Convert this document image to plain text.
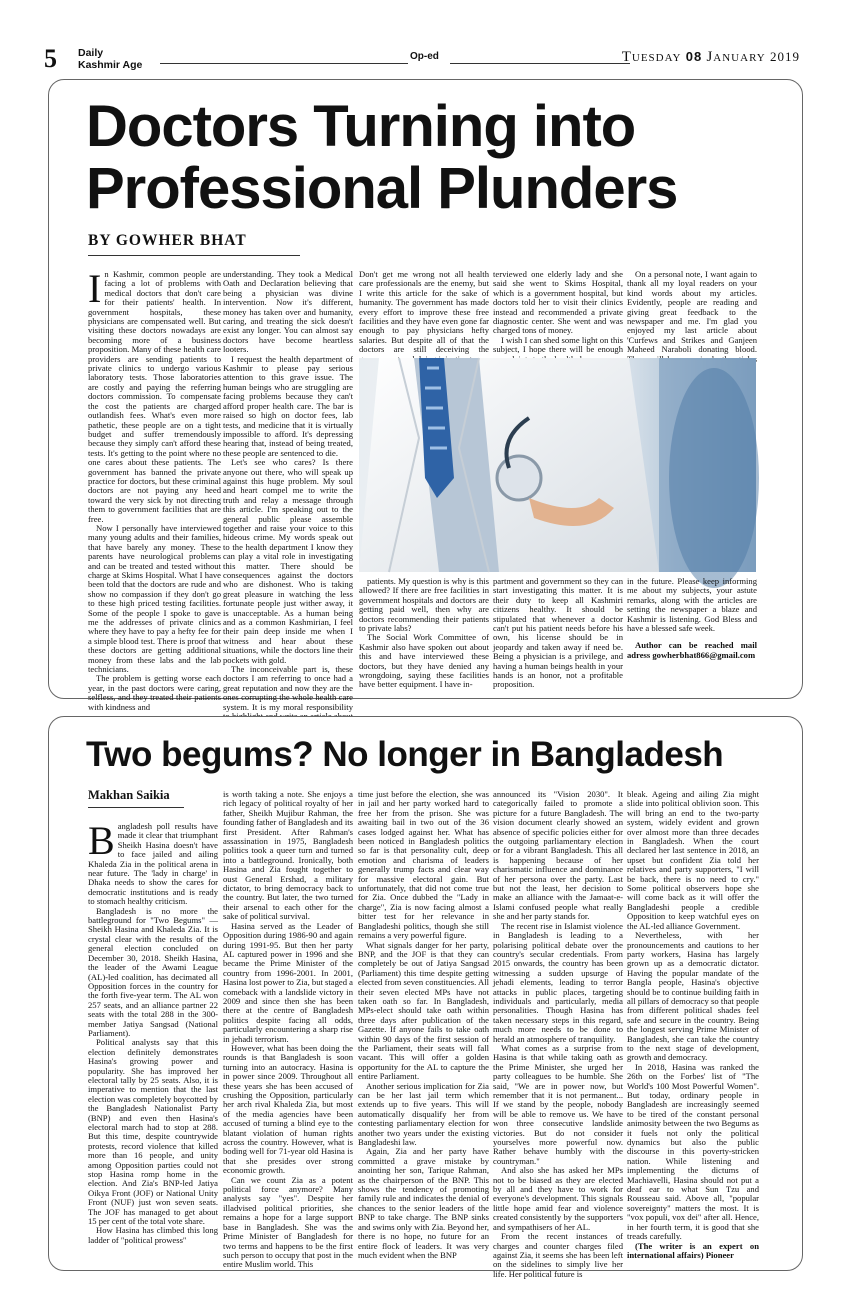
5 Daily
Kashmir Age
Op-ed	Tuesday 08 January 2019
Doctors Turning into Professional Plunders
BY GOWHER BHAT

In Kashmir, common people are facing a lot of problems with medical doctors that don't care for their patients' health. In government hospitals, these physicians are compensated well. But visiting these doctors nowadays are becoming more of a business proposition. Many of these health care providers are sending patients to private clinics to undergo various laboratory tests. Those laboratories are costly and paying the referring doctors commission. To compensate the cost the patients are charged outlandish fees. What's even more pathetic, these people are on a tight budget and suffer tremendously because they simply can't afford these tests. It's getting to the point where no one cares about these patients. The government has banned the private practice for doctors, but these criminal doctors are not paying any heed toward the very sick by not directing them to government facilities that are free.

Now I personally have interviewed many young adults and their families, that have barely any money. These parents have neurological problems and can be treated and tested without charge at Skims Hospital. What I have been told that the doctors are rude and show no compassion if they don't go to these high priced testing facilities. Some of the people I spoke to gave me the addresses of private clinics where they have to pay a hefty fee for a simple blood test. There is proof that these doctors are getting additional money from these labs and the lab technicians.

The problem is getting worse each year, in the past doctors were caring, selfless, and they treated their patients with kindness and

understanding. They took a Medical Oath and Declaration believing that being a physician was divine intervention. Now it's different, money has taken over and humanity, caring, and treating the sick doesn't exist any longer. You can almost say doctors have become heartless looters.

I request the health department of Kashmir to please pay serious attention to this grave issue. The human beings who are struggling are facing problems because they can't afford proper health care. The bar is raised so high on doctor fees, lab tests, and medicine that it is virtually impossible to afford. It's depressing hearing that, instead of being treated, these people are sentenced to die.

Let's see who cares? Is there anyone out there, who will speak up against this huge problem. My soul and heart compel me to write the truth and relay a message through this article. I'm speaking out to the general public please assemble together and raise your voice to this hideous crime. My words speak out to the health department I know they can play a vital role in investigating this matter. There should be consequences against the doctors who are dishonest. Who is taking great pleasure in watching the less fortunate people just wither away, it is unacceptable. As a human being and as a common Kashmirian, I feel their pain deep inside me when I witness and hear about these situations, while the doctors line their pockets with gold.

The inconceivable part is, these doctors I am referring to once had a great reputation and now they are the ones corrupting the whole health care system. It is my moral responsibility

Don't get me wrong not all health care professionals are the enemy, but I write this article for the sake of humanity. The government has made every effort to improve these free facilities and they have even gone far enough to pay physicians hefty salaries. But despite all of that the doctors are still deceiving the

terviewed one elderly lady and she said she went to Skims Hospital, which is a government hospital, but doctors told her to visit their clinics instead and recommended a private diagnostic center. She went and was charged tons of money.

I wish I can shed some light on this subject, I hope there will be enough

On a personal note, I want again to thank all my loyal readers on your kind words about my articles. Evidently, people are reading and giving great feedback to the newspaper and me. I'm glad you enjoyed my last article about 'Curfews and Strikes and Ganjeen Maheed Naraboli donating blood.

patients. My question is why is this allowed? If there are free facilities in government hospitals and doctors are getting paid well, then why are doctors recommending their patients to private labs?

The Social Work Committee of Kashmir also have spoken out about this and have interviewed these doctors, but they have denied any wrongdoing, saying these facilities have better equipment. I have in-

partment and government so they can start investigating this matter. It is their duty to keep all Kashmiri citizens healthy. It should be stipulated that whenever a doctor can't put his patient needs before his own, his license should be in jeopardy and taken away if need be. Being a physician is a privilege, and having a human beings health in your hands is an honor, not a profitable proposition.

in the future. Please keep informing me about my subjects, your astute remarks, along with the articles are setting the newspaper a blaze and Kashmir is listening. God Bless and have a blessed safe week.

Author can be reached mail adress gowherbhat866@gmail.com

Two begums? No longer in Bangladesh
Makhan Saikia

Bangladesh poll results have made it clear that triumphant Sheikh Hasina doesn't have to face jailed and ailing Khaleda Zia in the political arena in near future. The 'lady in charge' in Dhaka needs to show the cares for democratic institutions and is ready to stomach healthy criticism.

Bangladesh is no more the battleground for "Two Begums" — Sheikh Hasina and Khaleda Zia. It is crystal clear with the results of the general election concluded on December 30, 2018. Sheikh Hasina, the leader of the Awami League (AL)-led coalition, has decimated all Opposition forces in the country for the forth five-year term. The AL won 257 seats, and an alliance partner 22 seats with the total 288 in the 300-member Jatiya Sangsad (National Parliament).

Political analysts say that this election definitely demonstrates Hasina's growing power and popularity. She has improved her electoral tally by 25 seats. Also, it is imperative to mention that the last election was completely boycotted by the Bangladesh Nationalist Party (BNP) and even then Hasina's electoral march had to stop at 288. But this time, despite countrywide protests, record violence that killed more than 16 people, and unity among Opposition parties could not stop Hasina romp home in the election. And Zia's BNP-led Jatiya Oikya Front (JOF) or National Unity Front (NUF) just won seven seats. The JOF has managed to get about 15 per cent of the total vote share.

How Hasina has climbed this long ladder of "political prowess"

is worth taking a note. She enjoys a rich legacy of political royalty of her father, Sheikh Mujibur Rahman, the founding father of Bangladesh and its first President. After Rahman's assassination in 1975, Bangladesh politics took a queer turn and turned into a battleground. Ironically, both Hasina and Zia fought together to oust General Ershad, a military dictator, to bring democracy back to the country. But later, the two turned their arsenal to each other for the sake of political survival.

Hasina served as the Leader of Opposition during 1986-90 and again during 1991-95. But then her party AL captured power in 1996 and she became the Prime Minister of the country from 1996-2001. In 2001, Hasina lost power to Zia, but staged a comeback with a landslide victory in 2009 and since then she has been there at the centre of Bangladesh politics despite facing all odds, particularly encountering a sharp rise in jehadi terrorism.

However, what has been doing the rounds is that Bangladesh is soon turning into an autocracy. Hasina is in power since 2009. Throughout all these years she has been accused of crushing the Opposition, particularly her arch rival Khaleda Zia, but most of the media agencies have been accused of turning a blind eye to the blatant violation of human rights across the country. However, what is boding well for 71-year old Hasina is that she presides over strong economic growth.

Can we count Zia as a potent political force anymore? Many analysts say "yes". Despite her illadvised political priorities, she remains a hope for a large support base in Bangladesh. She was the Prime Minister of Bangladesh for two terms and happens to be the first such person to occupy that post in the entire Muslim world. This

time just before the election, she was in jail and her party worked hard to free her from the prison. She was awaiting bail in two out of the 36 cases lodged against her. What has been noticed in Bangladesh politics so far is that personality cult, deep emotion and charisma of leaders generally trump facts and clear way for massive electoral gain. But unfortunately, that did not come true for Zia. Once dubbed the "Lady in charge", Zia is now facing almost a bitter test for her relevance in Bangladeshi politics, though she still remains a very powerful figure.

What signals danger for her party, BNP, and the JOF is that they can completely be out of Jatiya Sangsad (Parliament) this time despite getting elected from seven constituencies. All their seven elected MPs have not taken oath so far. In Bangladesh, MPs-elect should take oath within three days after publication of the Gazette. If anyone fails to take oath within 90 days of the first session of the Parliament, their seats will fall vacant. This will offer a golden opportunity for the AL to capture the entire Parliament.

Another serious implication for Zia can be her last jail term which extends up to five years. This will automatically disqualify her from contesting parliamentary election for another two years under the existing Bangladeshi law.

Again, Zia and her party have committed a grave mistake by anointing her son, Tarique Rahman, as the chairperson of the BNP. This shows the tendency of promoting family rule and indicates the denial of chances to the senior leaders of the BNP to take charge. The BNP sinks and swims only with Zia. Beyond her, there is no hope, no future for an entire flock of leaders. It was very much evident when the BNP

announced its "Vision 2030". It categorically failed to promote a picture for a future Bangladesh. The vision document clearly showed an absence of specific policies either for the outgoing parliamentary election or for a vibrant Bangladesh. This all is happening because of her charismatic influence and dominance of her persona over the party. Last but not the least, her decision to make an alliance with the Jamaat-e-Islami confused people what really she and her party stands for.

The recent rise in Islamist violence in Bangladesh is leading to a polarising political debate over the country's secular credentials. From 2015 onwards, the country has been witnessing a sudden upsurge of jehadi elements, leading to terror attacks in public places, targeting individuals and particularly, media personalities. Though Hasina has taken necessary steps in this regard, much more needs to be done to herald an atmosphere of tranquility.

What comes as a surprise from Hasina is that while taking oath as the Prime Minister, she urged her party colleagues to be humble. She said, "We are in power now, but remember that it is not permanent... If we stand by the people, nobody will be able to remove us. We have won three consecutive landslide victories. But do not consider yourselves more powerful now. Rather behave humbly with the countryman."

And also she has asked her MPs not to be biased as they are elected by all and they have to work for everyone's development. This signals little hope amid fear and violence created consistently by the supporters and sympathisers of her AL.

From the recent instances of charges and counter charges filed against Zia, it seems she has been left on the sidelines to simply live her life. Her political future is

bleak. Ageing and ailing Zia might slide into political oblivion soon. This will bring an end to the two-party system, widely evident and grown over almost more than three decades in Bangladesh. When the court declared her last sentence in 2018, an upset but confident Zia told her relatives and party supporters, "I will be back, there is no need to cry." Some political observers hope she will come back as it will offer the Bangladeshi people a credible Opposition to keep watchful eyes on the AL-led alliance Government.

Nevertheless, with her pronouncements and cautions to her party workers, Hasina has largely grown up as a democratic dictator. Having the popular mandate of the Bangla people, Hasina's objective should be to continue building faith in all pillars of democracy so that people from different political shades feel safe and secure in the country. Being the longest serving Prime Minister of Bangladesh, she can take the country to the next stage of development, growth and democracy.

In 2018, Hasina was ranked the 26th on the Forbes' list of "The World's 100 Most Powerful Women". But today, ordinary people in Bangladesh are increasingly seemed to be tired of the constant personal animosity between the two Begums as it fuels not only the political dynamics but also the public discourse in this poverty-stricken nation. While listening and implementing the dictums of Machiavelli, Hasina should not put a deaf ear to what Sun Tzu and Rousseau said. Above all, "popular sovereignty" matters the most. It is "vox populi, vox dei" after all. Hence, in her fourth term, it is good that she treads carefully.

(The writer is an expert on international affairs) Pioneer
